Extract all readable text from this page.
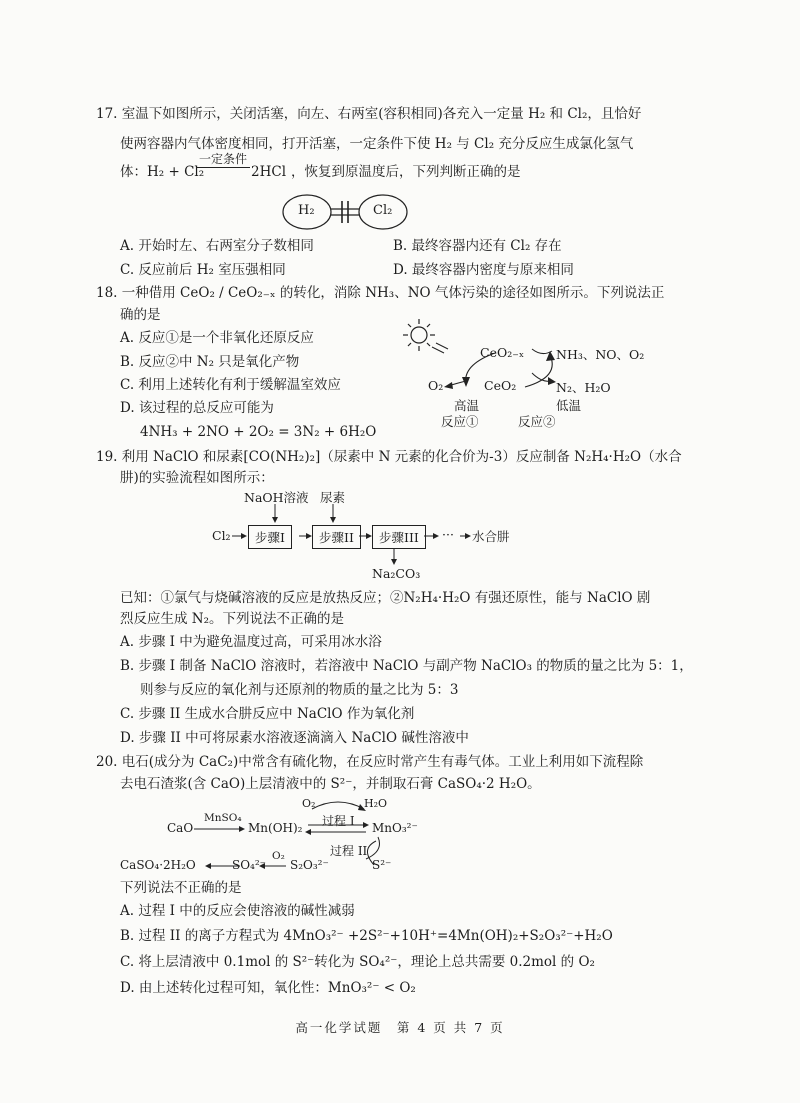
17. 室温下如图所示，关闭活塞，向左、右两室(容积相同)各充入一定量 H₂ 和 Cl₂，且恰好
使两容器内气体密度相同，打开活塞，一定条件下使 H₂ 与 Cl₂ 充分反应生成氯化氢气
体：H₂ + Cl₂
一定条件
2HCl ，恢复到原温度后，下列判断正确的是
H₂	Cl₂
A. 开始时左、右两室分子数相同	B. 最终容器内还有 Cl₂ 存在
C. 反应前后 H₂ 室压强相同	D. 最终容器内密度与原来相同
18. 一种借用 CeO₂ / CeO₂₋ₓ 的转化，消除 NH₃、NO 气体污染的途径如图所示。下列说法正
确的是
A. 反应①是一个非氧化还原反应
B. 反应②中 N₂ 只是氧化产物
C. 利用上述转化有利于缓解温室效应
D. 该过程的总反应可能为
4NH₃ + 2NO + 2O₂ = 3N₂ + 6H₂O
CeO₂₋ₓ	NH₃、NO、O₂
O₂	CeO₂	N₂、H₂O
高温	低温
反应①	反应②
19. 利用 NaClO 和尿素[CO(NH₂)₂]（尿素中 N 元素的化合价为-3）反应制备 N₂H₄·H₂O（水合
肼)的实验流程如图所示：
NaOH溶液 尿素
Cl₂	步骤I	步骤II	步骤III	··· 水合肼
Na₂CO₃
已知：①氯气与烧碱溶液的反应是放热反应；②N₂H₄·H₂O 有强还原性，能与 NaClO 剧
烈反应生成 N₂。下列说法不正确的是
A. 步骤 I 中为避免温度过高，可采用冰水浴
B. 步骤 I 制备 NaClO 溶液时，若溶液中 NaClO 与副产物 NaClO₃ 的物质的量之比为 5：1，
则参与反应的氧化剂与还原剂的物质的量之比为 5：3
C. 步骤 II 生成水合肼反应中 NaClO 作为氧化剂
D. 步骤 II 中可将尿素水溶液逐滴滴入 NaClO 碱性溶液中
20. 电石(成分为 CaC₂)中常含有硫化物，在反应时常产生有毒气体。工业上利用如下流程除
去电石渣浆(含 CaO)上层清液中的 S²⁻，并制取石膏 CaSO₄·2 H₂O。
O₂	H₂O
过程 I
CaO
MnSO₄
Mn(OH)₂	MnO₃²⁻
过程 II
O₂
CaSO₄·2H₂O	SO₄²⁻ S₂O₃²⁻	S²⁻
下列说法不正确的是
A. 过程 I 中的反应会使溶液的碱性减弱
B. 过程 II 的离子方程式为 4MnO₃²⁻ +2S²⁻+10H⁺=4Mn(OH)₂+S₂O₃²⁻+H₂O
C. 将上层清液中 0.1mol 的 S²⁻转化为 SO₄²⁻，理论上总共需要 0.2mol 的 O₂
D. 由上述转化过程可知，氧化性：MnO₃²⁻ < O₂
高一化学试题　第 4 页 共 7 页
